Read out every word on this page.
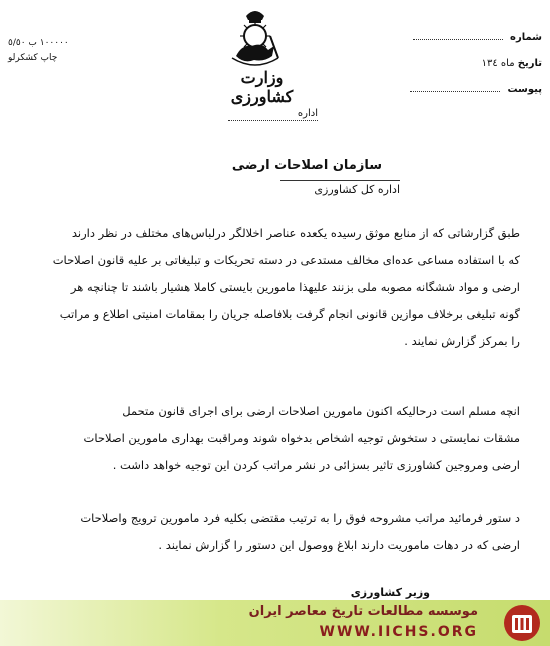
وزارت کشاورزی
اداره
شماره
تاریخ ماه ۱۳٤
پیوست
١٠٠٠٠٠ ب ٥/٥٠
چاپ کشکرلو
سازمان اصلاحات ارضی
اداره کل کشاورزی
طبق گزارشاتی که از منابع موثق رسیده یکعده عناصر اخلالگر درلباس‌های مختلف در نظر دارند
که با استفاده مساعی عده‌ای مخالف مستدعی در دسته تحریکات و تبلیغاتی بر علیه قانون اصلاحات
ارضی و مواد ششگانه مصوبه ملی بزنند علیهذا مامورین بایستی کاملا هشیار باشند تا چنانچه هر
گونه تبلیغی برخلاف موازین قانونی انجام گرفت بلافاصله جریان را بمقامات امنیتی اطلاع و مراتب
را بمرکز گزارش نمایند .
انچه مسلم است درحالیکه اکنون مامورین اصلاحات ارضی برای اجرای قانون متحمل
مشقات نمایستی د ستخوش توجیه اشخاص بدخواه شوند ومراقبت بهداری مامورین اصلاحات
ارضی ومروجین کشاورزی تاثیر بسزائی در نشر مراتب کردن این توجیه خواهد داشت .
د ستور فرمائید مراتب مشروحه فوق را به ترتیب مقتضی بکلیه فرد مامورین ترویج واصلاحات
ارضی که در دهات ماموریت دارند ابلاغ ووصول این دستور را گزارش نمایند .
وزیر کشاورزی
موسسه مطالعات تاریخ معاصر ایران
WWW.IICHS.ORG
